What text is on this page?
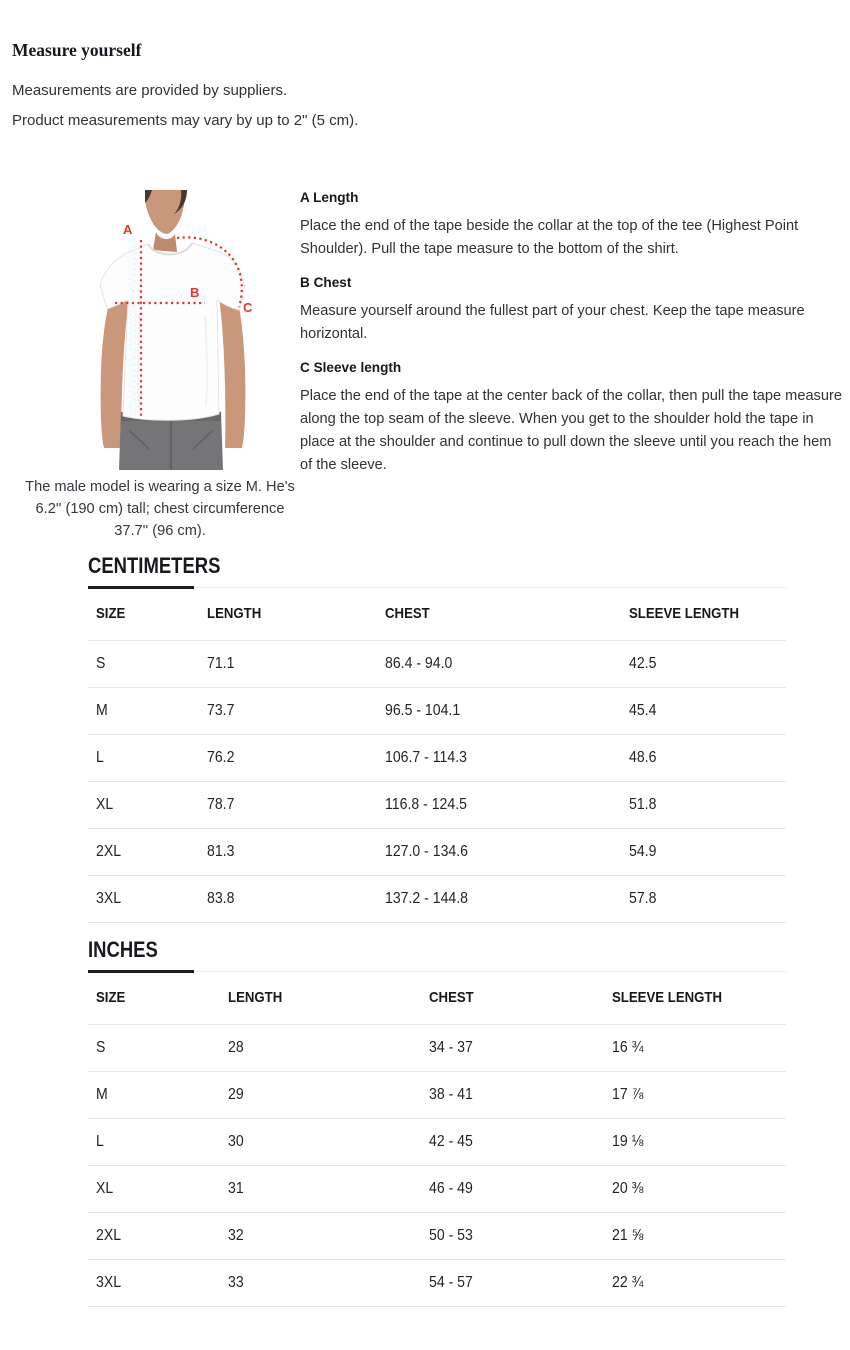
Measure yourself

Measurements are provided by suppliers.

Product measurements may vary by up to 2" (5 cm).

A
B
C
The male model is wearing a size M. He's
6.2'' (190 cm) tall; chest circumference
37.7'' (96 cm).
A Length

Place the end of the tape beside the collar at the top of the tee (Highest Point Shoulder). Pull the tape measure to the bottom of the shirt.

B Chest

Measure yourself around the fullest part of your chest. Keep the tape measure horizontal.

C Sleeve length

Place the end of the tape at the center back of the collar, then pull the tape measure along the top seam of the sleeve. When you get to the shoulder hold the tape in place at the shoulder and continue to pull down the sleeve until you reach the hem of the sleeve.

CENTIMETERS
SIZE	LENGTH	CHEST	SLEEVE LENGTH
S	71.1	86.4 - 94.0	42.5
M	73.7	96.5 - 104.1	45.4
L	76.2	106.7 - 114.3	48.6
XL	78.7	116.8 - 124.5	51.8
2XL	81.3	127.0 - 134.6	54.9
3XL	83.8	137.2 - 144.8	57.8
INCHES
SIZE	LENGTH	CHEST	SLEEVE LENGTH
S	28	34 - 37	16 ¾
M	29	38 - 41	17 ⅞
L	30	42 - 45	19 ⅛
XL	31	46 - 49	20 ⅜
2XL	32	50 - 53	21 ⅝
3XL	33	54 - 57	22 ¾
